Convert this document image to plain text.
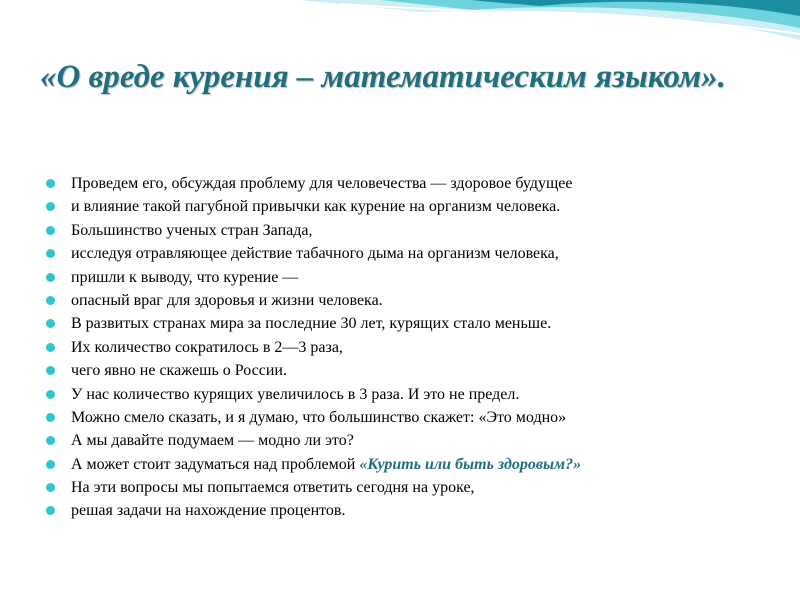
«О вреде курения – математическим языком».
Проведем его, обсуждая проблему для человечества — здоровое будущее
и влияние такой пагубной привычки как курение на организм человека.
Большинство ученых стран Запада,
исследуя отравляющее действие табачного дыма на организм человека,
пришли к выводу, что курение —
опасный враг для здоровья и жизни человека.
В развитых странах мира за последние 30 лет, курящих стало меньше.
Их количество сократилось в 2—3 раза,
чего явно не скажешь о России.
У нас количество курящих увеличилось в 3 раза. И это не предел.
Можно смело сказать, и я думаю, что большинство скажет: «Это модно»
А мы давайте подумаем — модно ли это?
А может стоит задуматься над проблемой «Курить или быть здоровым?»
На эти вопросы мы попытаемся ответить сегодня на уроке,
решая задачи на нахождение процентов.
